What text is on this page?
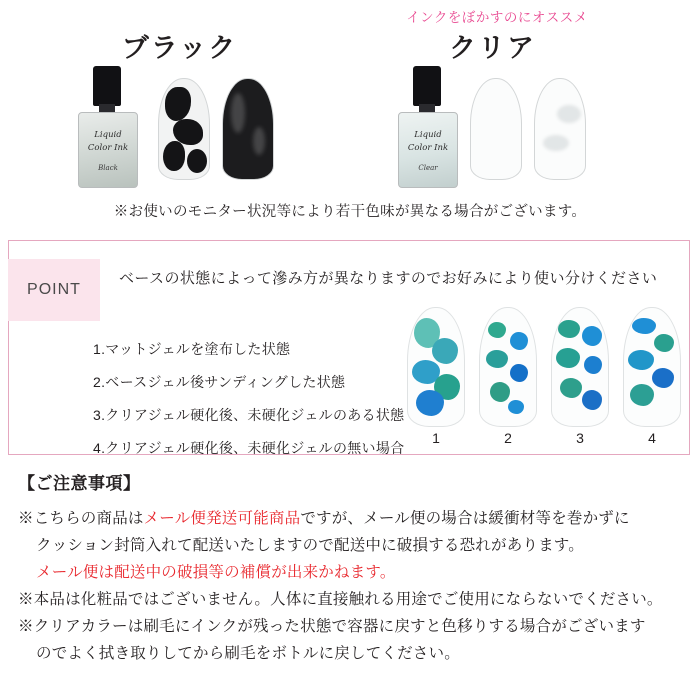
インクをぼかすのにオススメ
ブラック
Liquid
Color Ink
Black
クリア
Liquid
Color Ink
Clear
※お使いのモニター状況等により若干色味が異なる場合がございます。
POINT
ベースの状態によって滲み方が異なりますのでお好みにより使い分けください
1.マットジェルを塗布した状態
2.ベースジェル後サンディングした状態
3.クリアジェル硬化後、未硬化ジェルのある状態
4.クリアジェル硬化後、未硬化ジェルの無い場合
1	2	3	4
【ご注意事項】

※こちらの商品はメール便発送可能商品ですが、メール便の場合は緩衝材等を巻かずに

クッション封筒入れて配送いたしますので配送中に破損する恐れがあります。

メール便は配送中の破損等の補償が出来かねます。

※本品は化粧品ではございません。人体に直接触れる用途でご使用にならないでください。

※クリアカラーは刷毛にインクが残った状態で容器に戻すと色移りする場合がございます

のでよく拭き取りしてから刷毛をボトルに戻してください。
